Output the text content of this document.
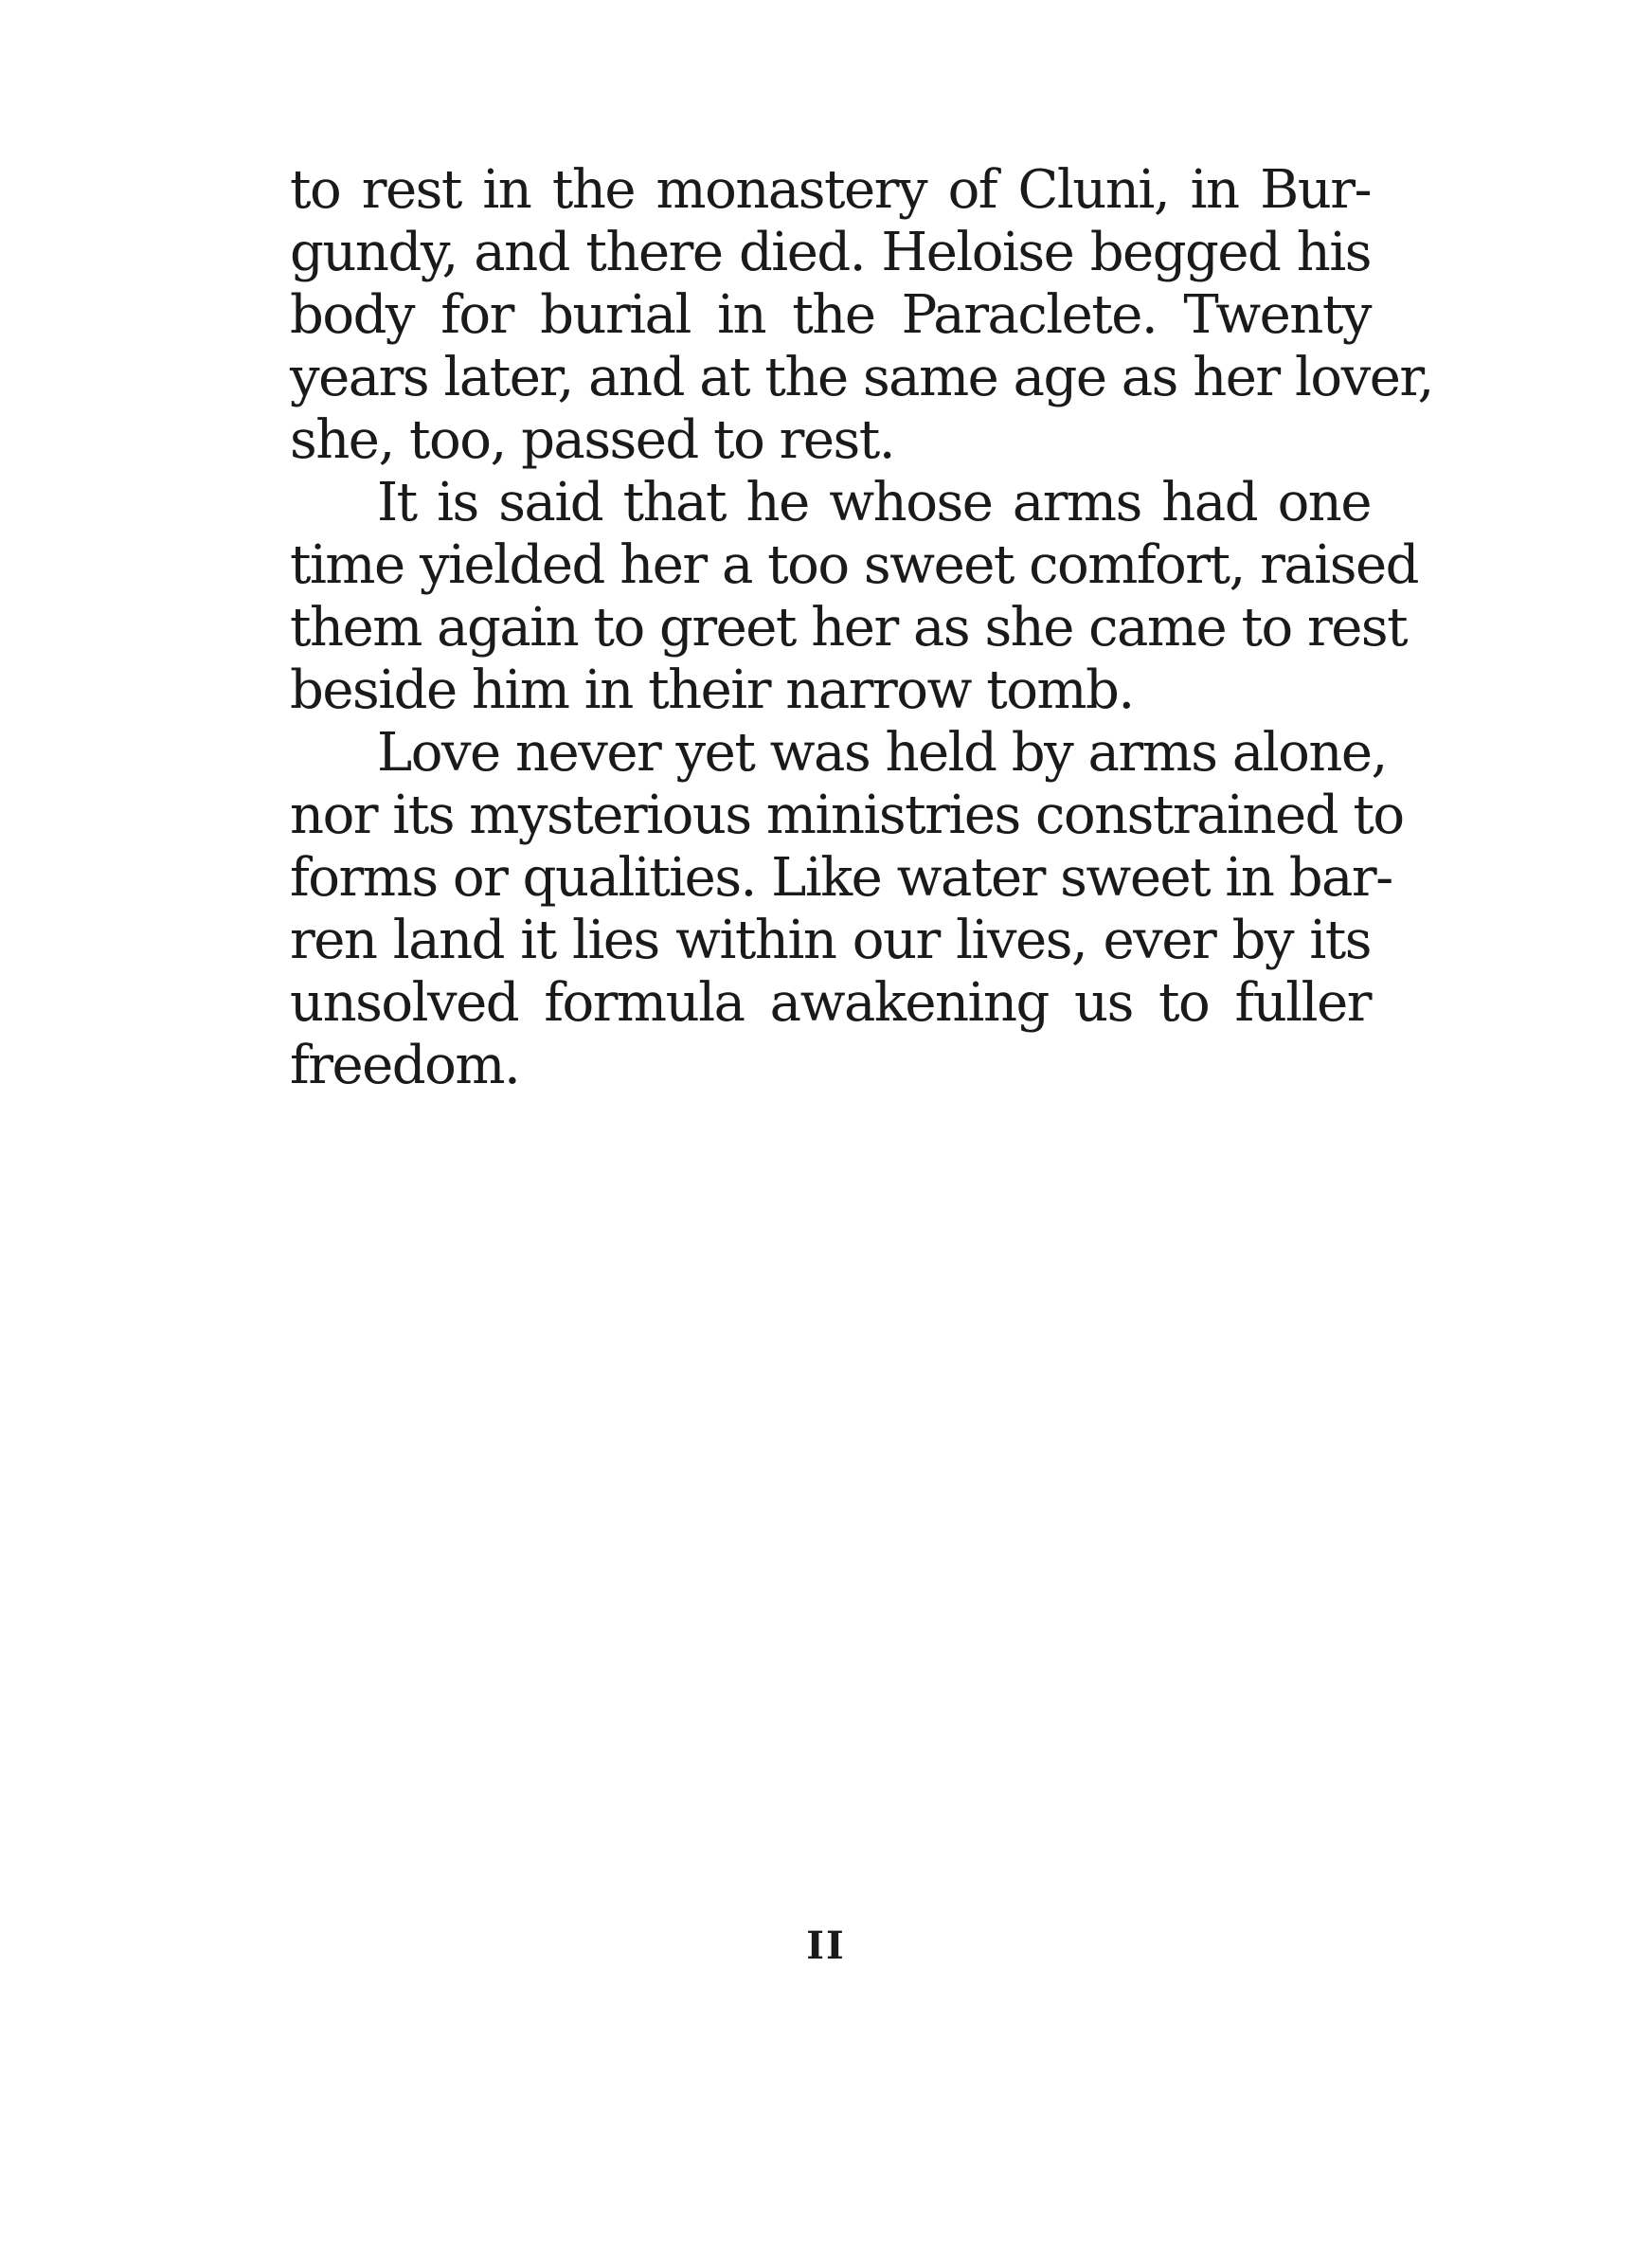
to rest in the monastery of Cluni, in Bur-
gundy, and there died. Heloise begged his
body for burial in the Paraclete. Twenty
years later, and at the same age as her lover,
she, too, passed to rest.
It is said that he whose arms had one
time yielded her a too sweet comfort, raised
them again to greet her as she came to rest
beside him in their narrow tomb.
Love never yet was held by arms alone,
nor its mysterious ministries constrained to
forms or qualities. Like water sweet in bar-
ren land it lies within our lives, ever by its
unsolved formula awakening us to fuller
freedom.
II
